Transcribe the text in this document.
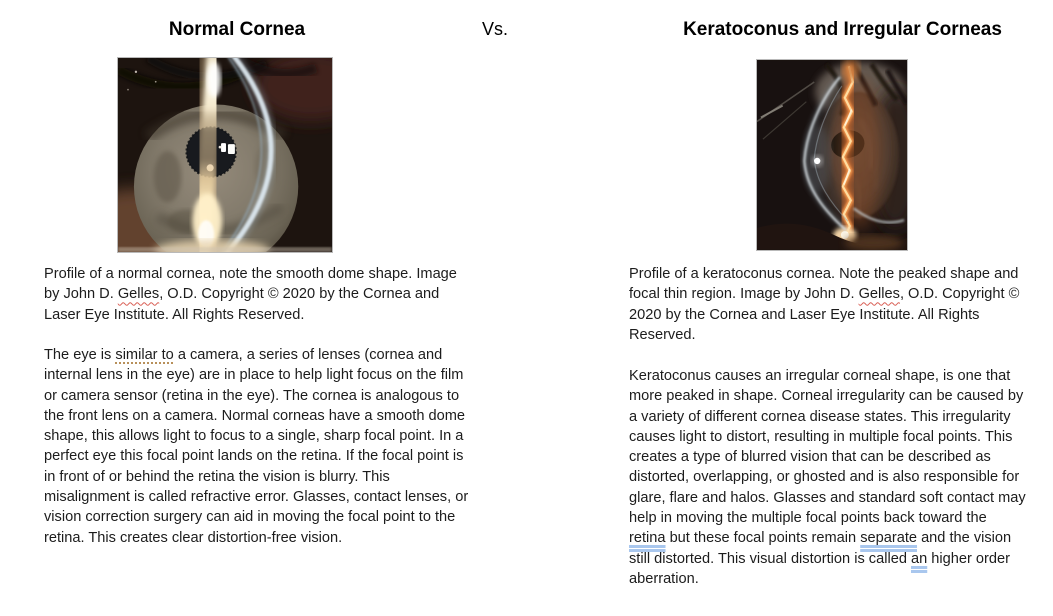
Normal Cornea	Vs.	Keratoconus and Irregular Corneas
Profile of a normal cornea, note the smooth dome shape. Image by John D. Gelles, O.D. Copyright © 2020 by the Cornea and Laser Eye Institute. All Rights Reserved.
The eye is similar to a camera, a series of lenses (cornea and internal lens in the eye) are in place to help light focus on the film or camera sensor (retina in the eye). The cornea is analogous to the front lens on a camera. Normal corneas have a smooth dome shape, this allows light to focus to a single, sharp focal point. In a perfect eye this focal point lands on the retina. If the focal point is in front of or behind the retina the vision is blurry. This misalignment is called refractive error. Glasses, contact lenses, or vision correction surgery can aid in moving the focal point to the retina. This creates clear distortion-free vision.
Profile of a keratoconus cornea. Note the peaked shape and focal thin region. Image by John D. Gelles, O.D. Copyright © 2020 by the Cornea and Laser Eye Institute. All Rights Reserved.
Keratoconus causes an irregular corneal shape, is one that more peaked in shape. Corneal irregularity can be caused by a variety of different cornea disease states. This irregularity causes light to distort, resulting in multiple focal points. This creates a type of blurred vision that can be described as distorted, overlapping, or ghosted and is also responsible for glare, flare and halos. Glasses and standard soft contact may help in moving the multiple focal points back toward the retina but these focal points remain separate and the vision still distorted. This visual distortion is called an higher order aberration.
